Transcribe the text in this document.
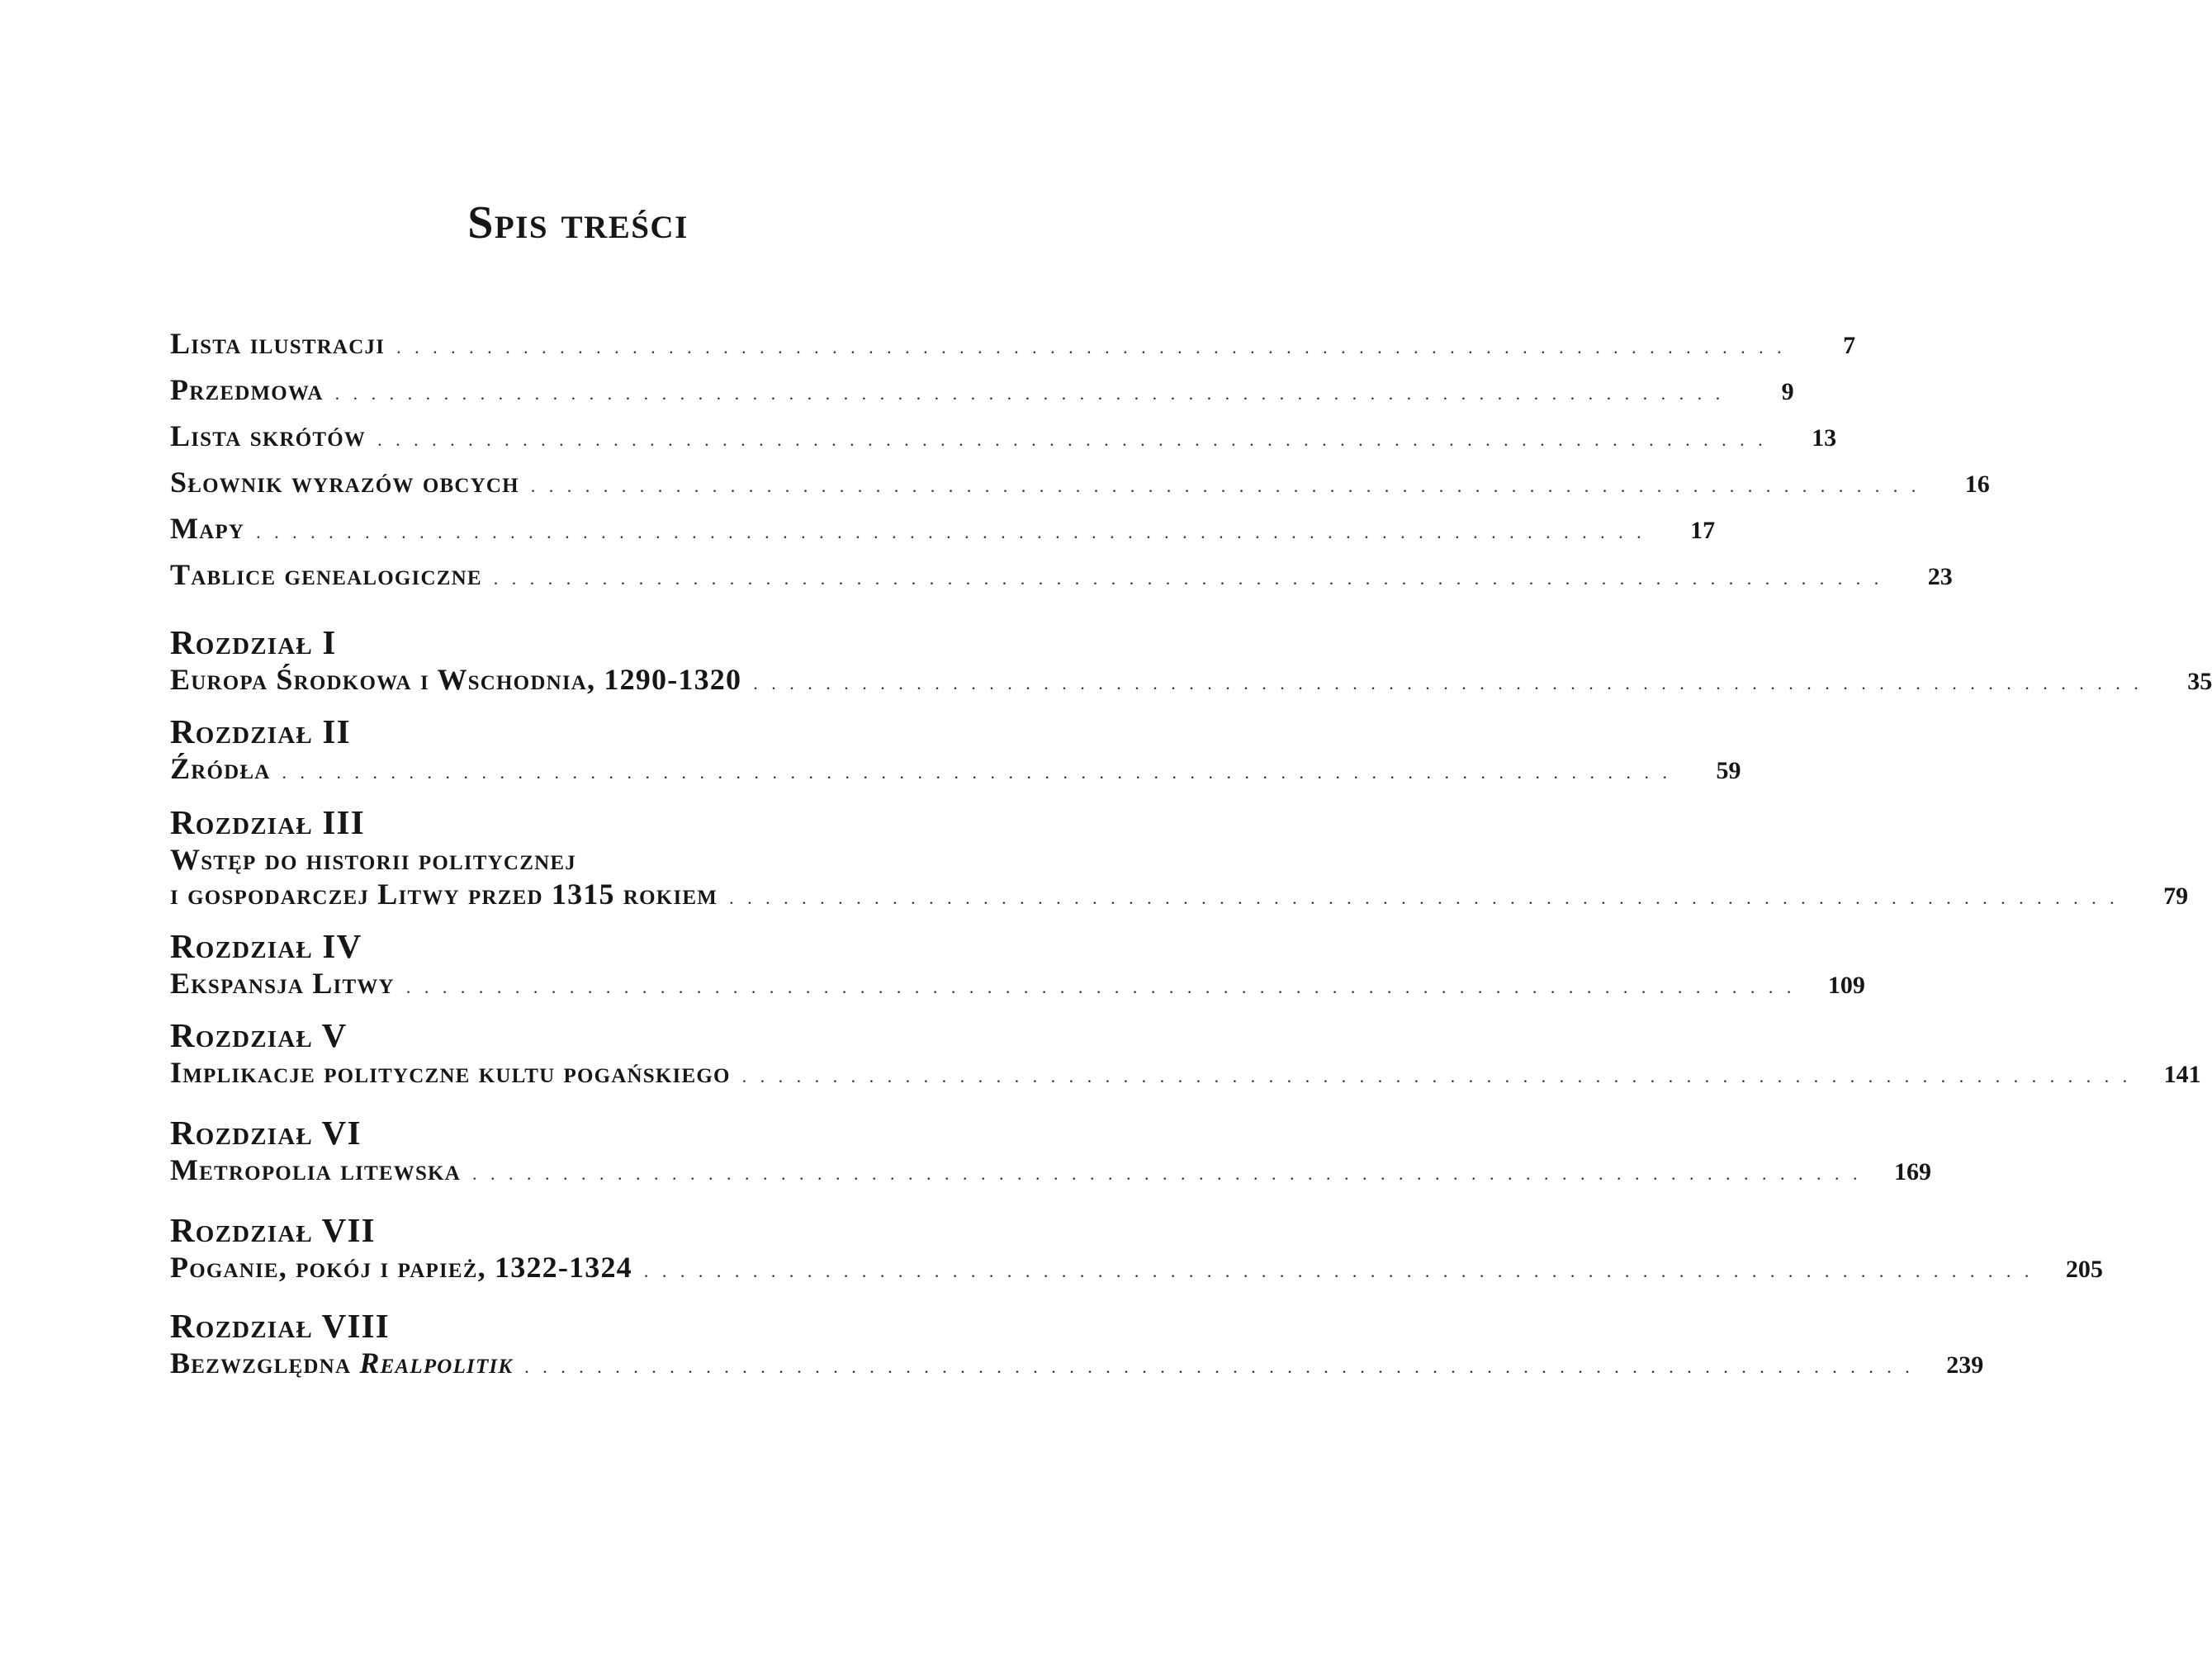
Spis treści
Lista ilustracji . . . . . . . . . . . . . . . . . . . . . . . . . . . . . . . . . . . . . . . . . . . . . . . . . . . . . . . . . . . . . . . . . . . . . . . . . . . . .	7
Przedmowa . . . . . . . . . . . . . . . . . . . . . . . . . . . . . . . . . . . . . . . . . . . . . . . . . . . . . . . . . . . . . . . . . . . . . . . . . . . . .	9
Lista skrótów . . . . . . . . . . . . . . . . . . . . . . . . . . . . . . . . . . . . . . . . . . . . . . . . . . . . . . . . . . . . . . . . . . . . . . . . . . . . .	13
Słownik wyrazów obcych . . . . . . . . . . . . . . . . . . . . . . . . . . . . . . . . . . . . . . . . . . . . . . . . . . . . . . . . . . . . . . . . . . . . . . . . . . . . .	16
Mapy . . . . . . . . . . . . . . . . . . . . . . . . . . . . . . . . . . . . . . . . . . . . . . . . . . . . . . . . . . . . . . . . . . . . . . . . . . . . .	17
Tablice genealogiczne . . . . . . . . . . . . . . . . . . . . . . . . . . . . . . . . . . . . . . . . . . . . . . . . . . . . . . . . . . . . . . . . . . . . . . . . . . . . .	23
Rozdział I
Europa Środkowa i Wschodnia, 1290-1320 . . . . . . . . . . . . . . . . . . . . . . . . . . . . . . . . . . . . . . . . . . . . . . . . . . . . . . . . . . . . . . . . . . . . . . . . . . . . .	35
Rozdział II
Źródła . . . . . . . . . . . . . . . . . . . . . . . . . . . . . . . . . . . . . . . . . . . . . . . . . . . . . . . . . . . . . . . . . . . . . . . . . . . . .	59
Rozdział III
Wstęp do historii politycznej
i gospodarczej Litwy przed 1315 rokiem . . . . . . . . . . . . . . . . . . . . . . . . . . . . . . . . . . . . . . . . . . . . . . . . . . . . . . . . . . . . . . . . . . . . . . . . . . . . .	79
Rozdział IV
Ekspansja Litwy . . . . . . . . . . . . . . . . . . . . . . . . . . . . . . . . . . . . . . . . . . . . . . . . . . . . . . . . . . . . . . . . . . . . . . . . . . . . .	109
Rozdział V
Implikacje polityczne kultu pogańskiego . . . . . . . . . . . . . . . . . . . . . . . . . . . . . . . . . . . . . . . . . . . . . . . . . . . . . . . . . . . . . . . . . . . . . . . . . . . . .	141
Rozdział VI
Metropolia litewska . . . . . . . . . . . . . . . . . . . . . . . . . . . . . . . . . . . . . . . . . . . . . . . . . . . . . . . . . . . . . . . . . . . . . . . . . . . . .	169
Rozdział VII
Poganie, pokój i papież, 1322-1324 . . . . . . . . . . . . . . . . . . . . . . . . . . . . . . . . . . . . . . . . . . . . . . . . . . . . . . . . . . . . . . . . . . . . . . . . . . . . .	205
Rozdział VIII
Bezwzględna Realpolitik . . . . . . . . . . . . . . . . . . . . . . . . . . . . . . . . . . . . . . . . . . . . . . . . . . . . . . . . . . . . . . . . . . . . . . . . . . . . .	239
